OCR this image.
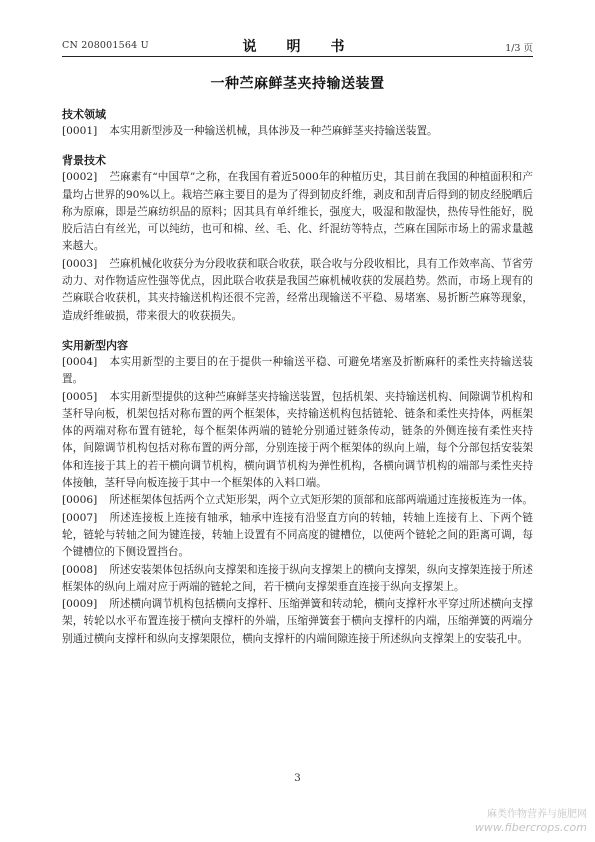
CN 208001564 U	说　明　书	1/3 页
一种苎麻鲜茎夹持输送装置
技术领域

[0001] 本实用新型涉及一种输送机械，具体涉及一种苎麻鲜茎夹持输送装置。

背景技术

[0002] 苎麻素有“中国草”之称，在我国有着近5000年的种植历史，其目前在我国的种植面积和产量均占世界的90%以上。栽培苎麻主要目的是为了得到韧皮纤维，剥皮和刮青后得到的韧皮经脱晒后称为原麻，即是苎麻纺织品的原料；因其具有单纤维长，强度大，吸湿和散湿快，热传导性能好，脱胶后洁白有丝光，可以纯纺，也可和棉、丝、毛、化、纤混纺等特点，苎麻在国际市场上的需求量越来越大。

[0003] 苎麻机械化收获分为分段收获和联合收获，联合收与分段收相比，具有工作效率高、节省劳动力、对作物适应性强等优点，因此联合收获是我国苎麻机械收获的发展趋势。然而，市场上现有的苎麻联合收获机，其夹持输送机构还很不完善，经常出现输送不平稳、易堵塞、易折断苎麻等现象，造成纤维破损，带来很大的收获损失。

实用新型内容

[0004] 本实用新型的主要目的在于提供一种输送平稳、可避免堵塞及折断麻秆的柔性夹持输送装置。

[0005] 本实用新型提供的这种苎麻鲜茎夹持输送装置，包括机架、夹持输送机构、间隙调节机构和茎秆导向板，机架包括对称布置的两个框架体，夹持输送机构包括链轮、链条和柔性夹持体，两框架体的两端对称布置有链轮，每个框架体两端的链轮分别通过链条传动，链条的外侧连接有柔性夹持体，间隙调节机构包括对称布置的两分部，分别连接于两个框架体的纵向上端，每个分部包括安装架体和连接于其上的若干横向调节机构，横向调节机构为弹性机构，各横向调节机构的端部与柔性夹持体接触，茎秆导向板连接于其中一个框架体的入料口端。

[0006] 所述框架体包括两个立式矩形架，两个立式矩形架的顶部和底部两端通过连接板连为一体。

[0007] 所述连接板上连接有轴承，轴承中连接有沿竖直方向的转轴，转轴上连接有上、下两个链轮，链轮与转轴之间为键连接，转轴上设置有不同高度的键槽位，以使两个链轮之间的距离可调，每个键槽位的下侧设置挡台。

[0008] 所述安装架体包括纵向支撑架和连接于纵向支撑架上的横向支撑架，纵向支撑架连接于所述框架体的纵向上端对应于两端的链轮之间，若干横向支撑架垂直连接于纵向支撑架上。

[0009] 所述横向调节机构包括横向支撑杆、压缩弹簧和转动轮，横向支撑杆水平穿过所述横向支撑架，转轮以水平布置连接于横向支撑杆的外端，压缩弹簧套于横向支撑杆的内端，压缩弹簧的两端分别通过横向支撑杆和纵向支撑架限位，横向支撑杆的内端间隙连接于所述纵向支撑架上的安装孔中。

3
麻类作物营养与施肥网
www.fibercrops.com
